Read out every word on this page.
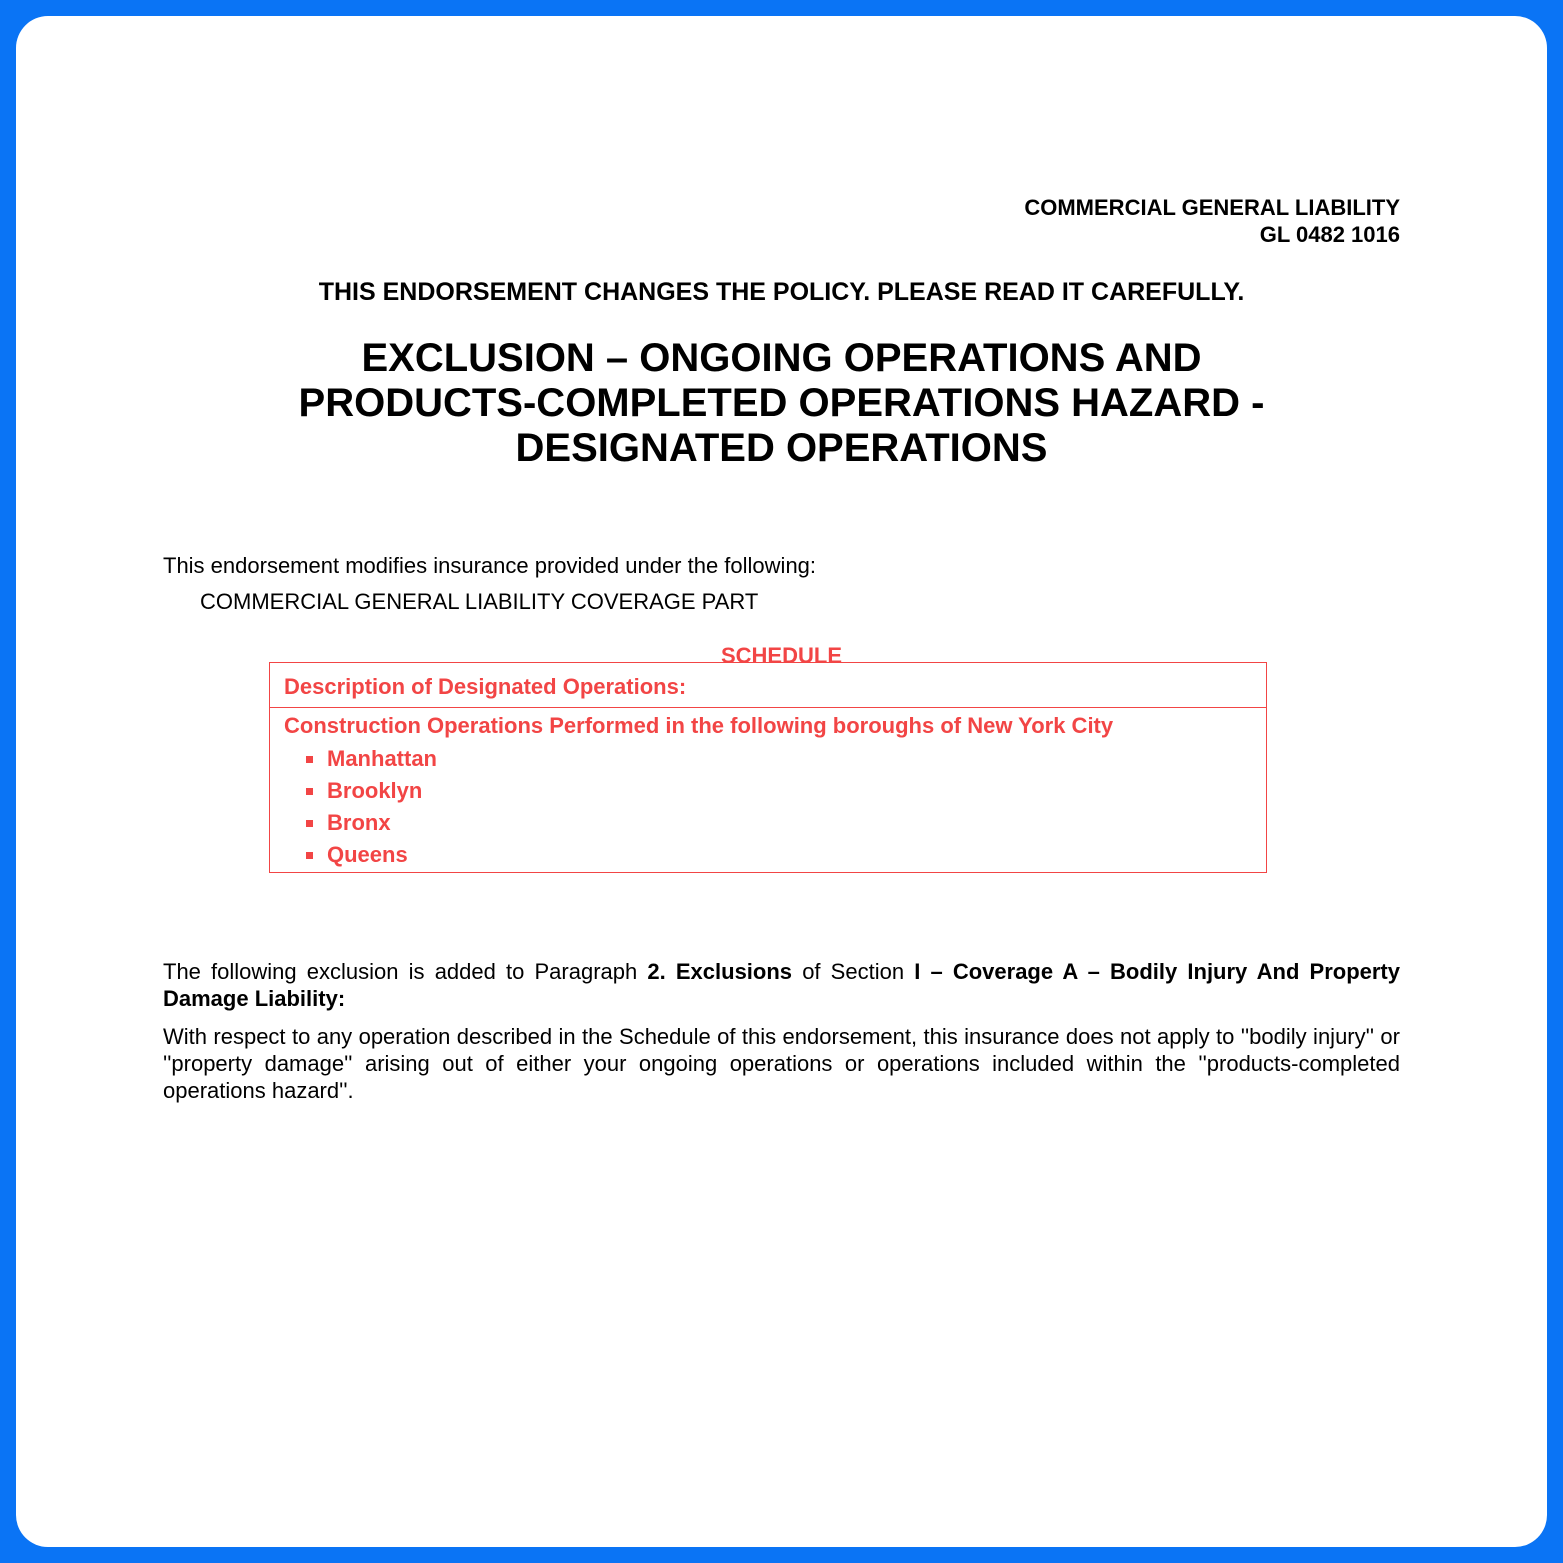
COMMERCIAL GENERAL LIABILITY
GL 0482 1016
THIS ENDORSEMENT CHANGES THE POLICY. PLEASE READ IT CAREFULLY.
EXCLUSION – ONGOING OPERATIONS AND
PRODUCTS-COMPLETED OPERATIONS HAZARD -
DESIGNATED OPERATIONS
This endorsement modifies insurance provided under the following:
COMMERCIAL GENERAL LIABILITY COVERAGE PART
SCHEDULE
Description of Designated Operations:
Construction Operations Performed in the following boroughs of New York City
Manhattan
Brooklyn
Bronx
Queens
The following exclusion is added to Paragraph 2. Exclusions of Section I – Coverage A – Bodily Injury And Property Damage Liability:
With respect to any operation described in the Schedule of this endorsement, this insurance does not apply to ''bodily injury'' or ''property damage'' arising out of either your ongoing operations or operations included within the ''products-completed operations hazard''.
